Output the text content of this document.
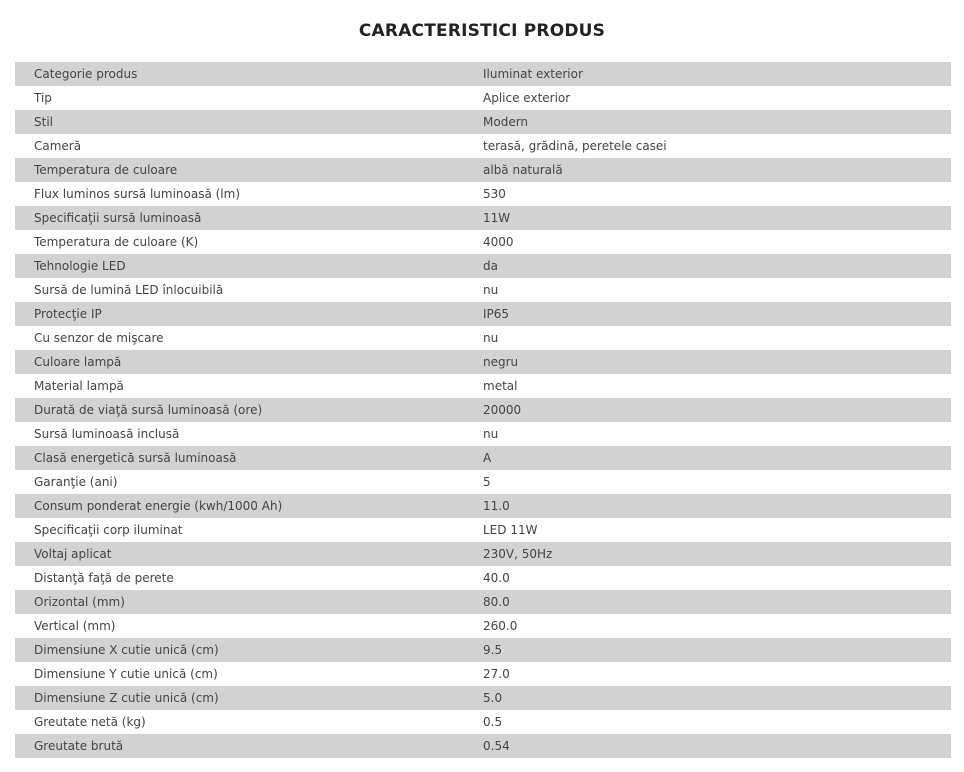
CARACTERISTICI PRODUS
Categorie produs	Iluminat exterior
Tip	Aplice exterior
Stil	Modern
Cameră	terasă, grădină, peretele casei
Temperatura de culoare	albă naturală
Flux luminos sursă luminoasă (lm)	530
Specificaţii sursă luminoasă	11W
Temperatura de culoare (K)	4000
Tehnologie LED	da
Sursă de lumină LED înlocuibilă	nu
Protecţie IP	IP65
Cu senzor de mişcare	nu
Culoare lampă	negru
Material lampă	metal
Durată de viaţă sursă luminoasă (ore)	20000
Sursă luminoasă inclusă	nu
Clasă energetică sursă luminoasă	A
Garanţie (ani)	5
Consum ponderat energie (kwh/1000 Ah)	11.0
Specificaţii corp iluminat	LED 11W
Voltaj aplicat	230V, 50Hz
Distanţă faţă de perete	40.0
Orizontal (mm)	80.0
Vertical (mm)	260.0
Dimensiune X cutie unică (cm)	9.5
Dimensiune Y cutie unică (cm)	27.0
Dimensiune Z cutie unică (cm)	5.0
Greutate netă (kg)	0.5
Greutate brută	0.54
